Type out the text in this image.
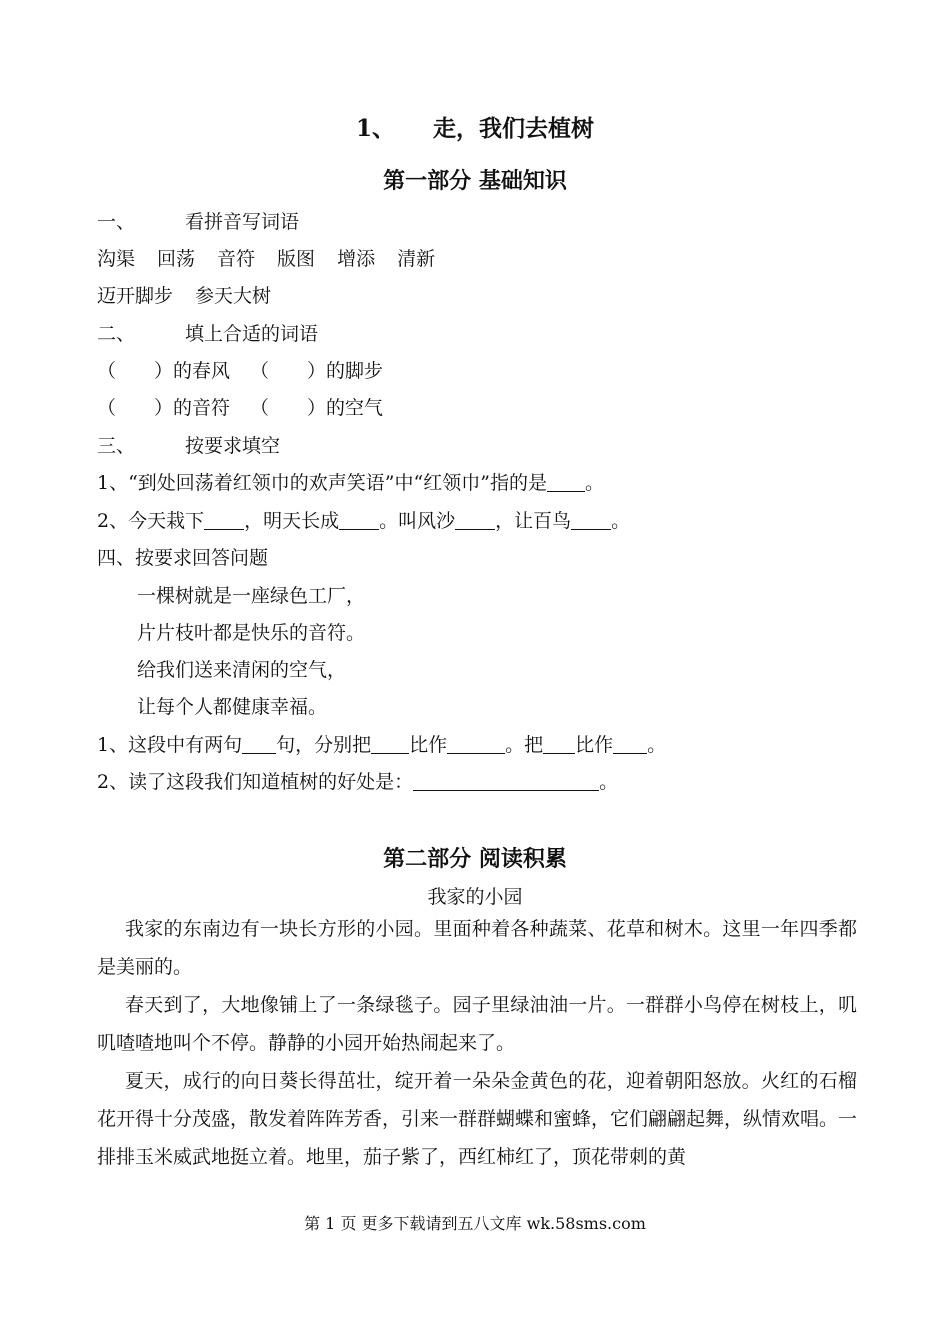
1、 走，我们去植树
第一部分 基础知识
一、	看拼音写词语
沟渠 回荡 音符 版图 增添 清新
迈开脚步 参天大树
二、	填上合适的词语
（　　）的春风 （　　）的脚步
（　　）的音符 （　　）的空气
三、	按要求填空
1、“到处回荡着红领巾的欢声笑语”中“红领巾”指的是 。
2、今天栽下 ，明天长成 。叫风沙 ，让百鸟 。
四、按要求回答问题
一棵树就是一座绿色工厂，
片片枝叶都是快乐的音符。
给我们送来清闲的空气，
让每个人都健康幸福。
1、这段中有两句 句，分别把 比作	。把 比作 。
2、读了这段我们知道植树的好处是：	。
第二部分 阅读积累
我家的小园
我家的东南边有一块长方形的小园。里面种着各种蔬菜、花草和树木。这里一年四季都是美丽的。
春天到了，大地像铺上了一条绿毯子。园子里绿油油一片。一群群小鸟停在树枝上，叽叽喳喳地叫个不停。静静的小园开始热闹起来了。
夏天，成行的向日葵长得茁壮，绽开着一朵朵金黄色的花，迎着朝阳怒放。火红的石榴花开得十分茂盛，散发着阵阵芳香，引来一群群蝴蝶和蜜蜂，它们翩翩起舞，纵情欢唱。一排排玉米威武地挺立着。地里，茄子紫了，西红柿红了，顶花带刺的黄
第 1 页 更多下载请到五八文库 wk.58sms.com
